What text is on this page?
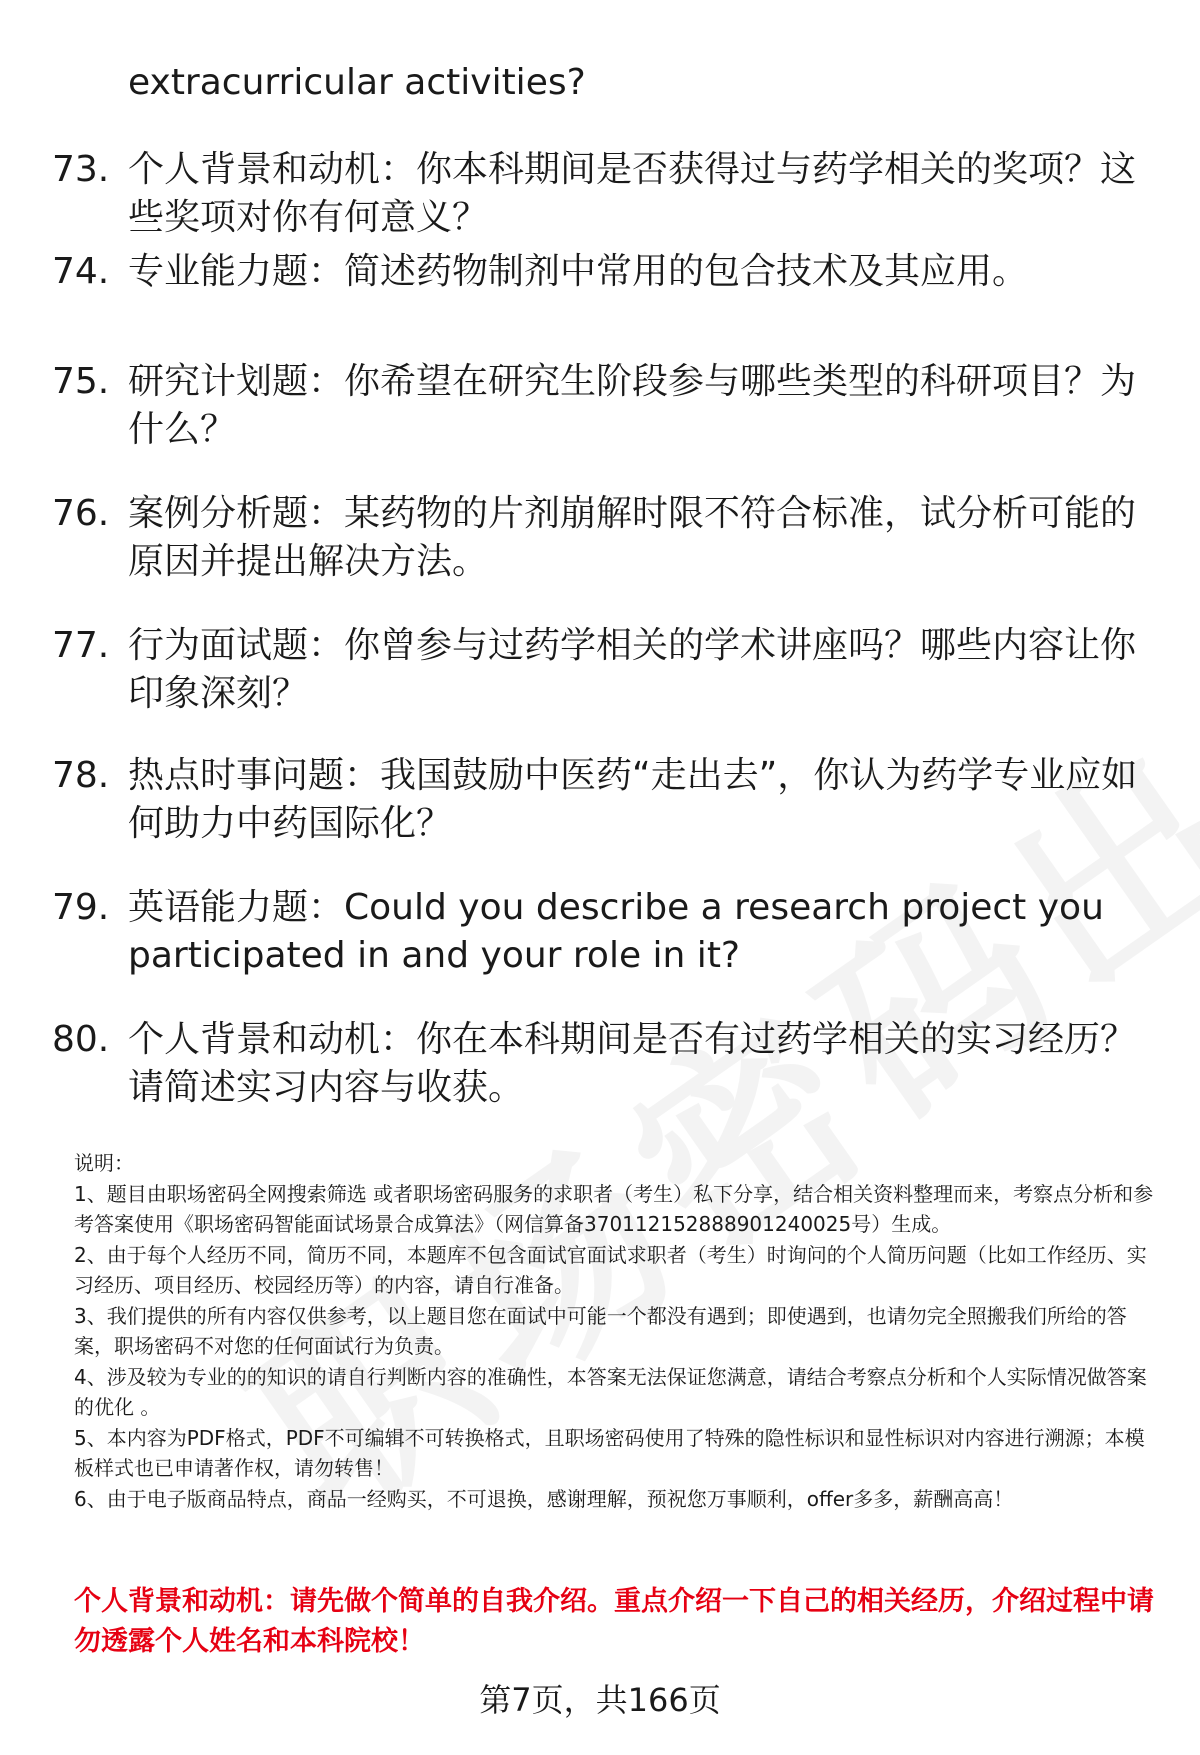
extracurricular activities?
73. 个人背景和动机：你本科期间是否获得过与药学相关的奖项？这些奖项对你有何意义？
74. 专业能力题：简述药物制剂中常用的包合技术及其应用。
75. 研究计划题：你希望在研究生阶段参与哪些类型的科研项目？为什么？
76. 案例分析题：某药物的片剂崩解时限不符合标准，试分析可能的原因并提出解决方法。
77. 行为面试题：你曾参与过药学相关的学术讲座吗？哪些内容让你印象深刻？
78. 热点时事问题：我国鼓励中医药“走出去”，你认为药学专业应如何助力中药国际化？
79. 英语能力题：Could you describe a research project you participated in and your role in it?
80. 个人背景和动机：你在本科期间是否有过药学相关的实习经历？请简述实习内容与收获。

说明：

1、题目由职场密码全网搜索筛选 或者职场密码服务的求职者（考生）私下分享，结合相关资料整理而来，考察点分析和参考答案使用《职场密码智能面试场景合成算法》（网信算备370112152888901240025号）生成。

2、由于每个人经历不同，简历不同，本题库不包含面试官面试求职者（考生）时询问的个人简历问题（比如工作经历、实习经历、项目经历、校园经历等）的内容，请自行准备。

3、我们提供的所有内容仅供参考，以上题目您在面试中可能一个都没有遇到；即使遇到，也请勿完全照搬我们所给的答案，职场密码不对您的任何面试行为负责。

4、涉及较为专业的的知识的请自行判断内容的准确性，本答案无法保证您满意，请结合考察点分析和个人实际情况做答案的优化 。

5、本内容为PDF格式，PDF不可编辑不可转换格式，且职场密码使用了特殊的隐性标识和显性标识对内容进行溯源；本模板样式也已申请著作权，请勿转售！

6、由于电子版商品特点，商品一经购买，不可退换，感谢理解，预祝您万事顺利，offer多多，薪酬高高！

个人背景和动机：请先做个简单的自我介绍。重点介绍一下自己的相关经历，介绍过程中请勿透露个人姓名和本科院校！
第7页，共166页
